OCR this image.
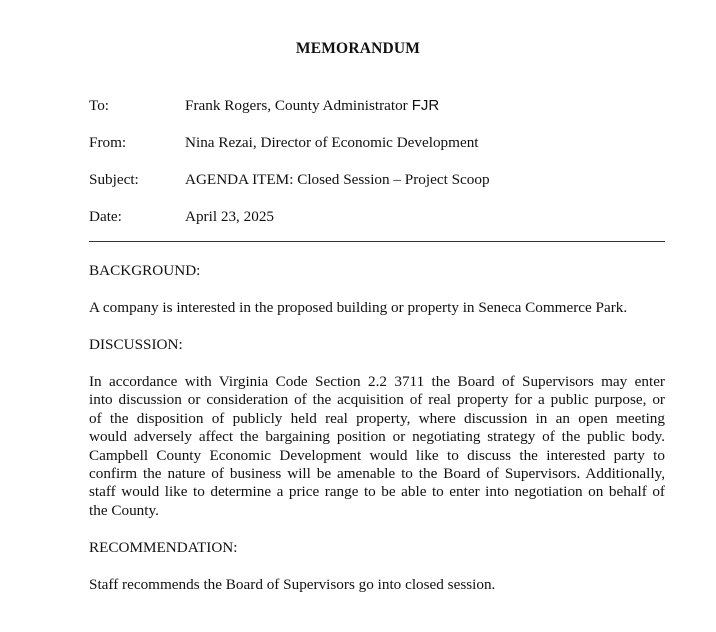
MEMORANDUM
To:	Frank Rogers, County Administrator FJR
From:	Nina Rezai, Director of Economic Development
Subject:	AGENDA ITEM: Closed Session – Project Scoop
Date:	April 23, 2025
BACKGROUND:
A company is interested in the proposed building or property in Seneca Commerce Park.
DISCUSSION:
In accordance with Virginia Code Section 2.2 3711 the Board of Supervisors may enter
into discussion or consideration of the acquisition of real property for a public purpose, or
of the disposition of publicly held real property, where discussion in an open meeting
would adversely affect the bargaining position or negotiating strategy of the public body.
Campbell County Economic Development would like to discuss the interested party to
confirm the nature of business will be amenable to the Board of Supervisors. Additionally,
staff would like to determine a price range to be able to enter into negotiation on behalf of
the County.
RECOMMENDATION:
Staff recommends the Board of Supervisors go into closed session.
